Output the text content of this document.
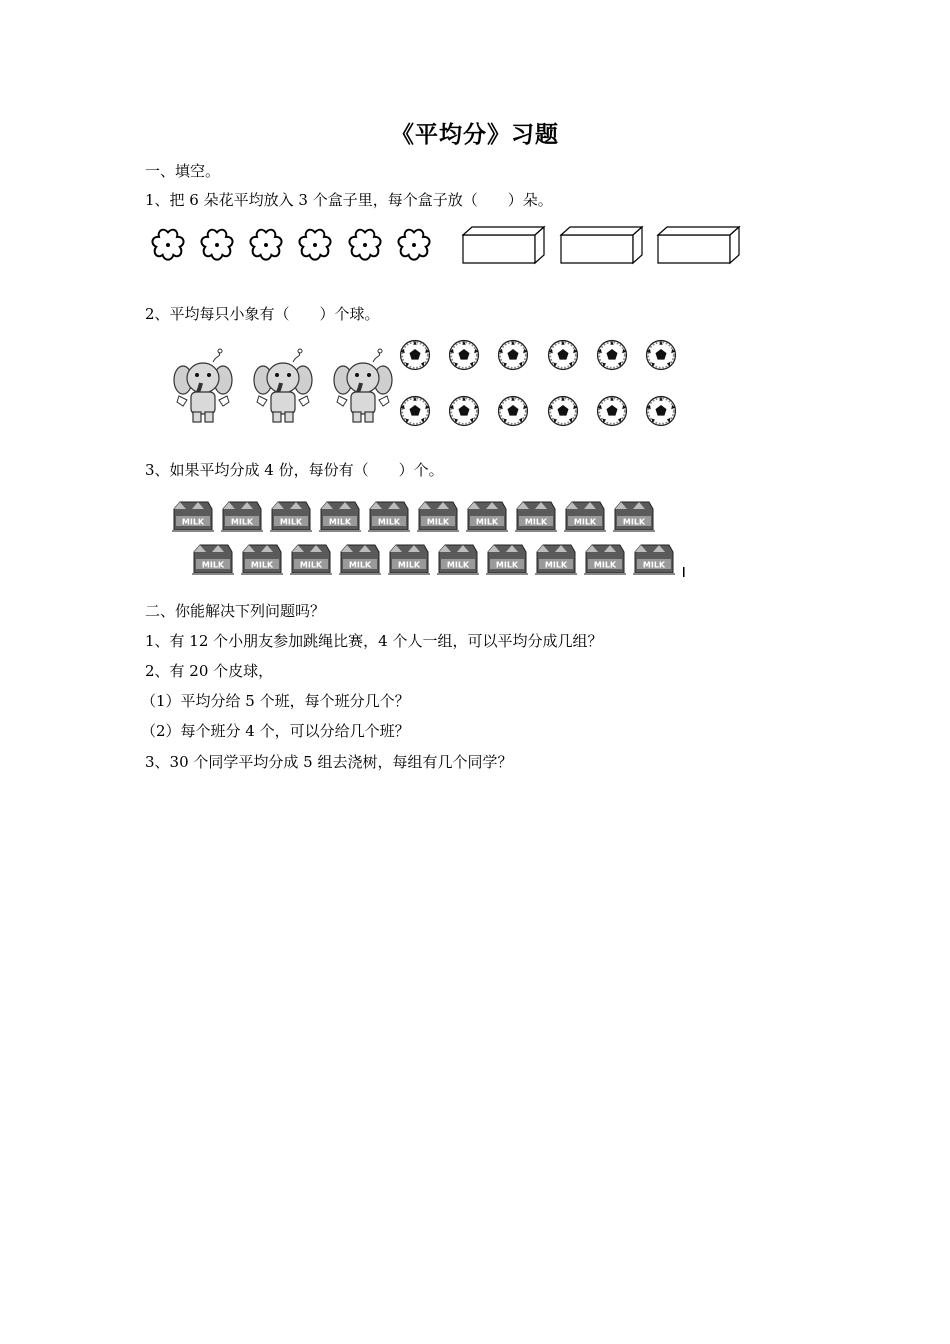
《平均分》习题
一、填空。
1、把 6 朵花平均放入 3 个盒子里，每个盒子放（　　）朵。
2、平均每只小象有（　　）个球。
3、如果平均分成 4 份，每份有（　　）个。
二、你能解决下列问题吗？
1、有 12 个小朋友参加跳绳比赛，4 个人一组，可以平均分成几组？
2、有 20 个皮球，
（1）平均分给 5 个班，每个班分几个？
（2）每个班分 4 个，可以分给几个班？
3、30 个同学平均分成 5 组去浇树，每组有几个同学？
